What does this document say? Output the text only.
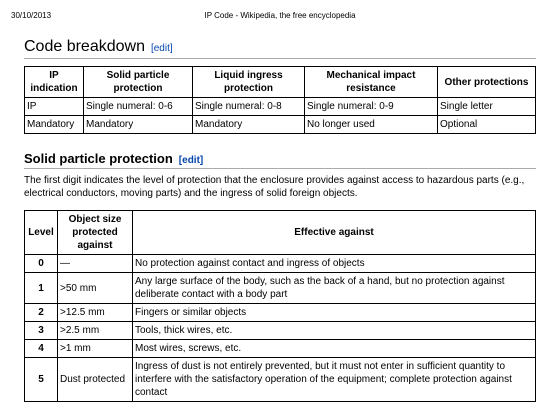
30/10/2013	IP Code - Wikipedia, the free encyclopedia
Code breakdown [edit]
IP indication	Solid particle protection	Liquid ingress protection	Mechanical impact resistance	Other protections
IP	Single numeral: 0-6	Single numeral: 0-8	Single numeral: 0-9	Single letter
Mandatory	Mandatory	Mandatory	No longer used	Optional
Solid particle protection [edit]

The first digit indicates the level of protection that the enclosure provides against access to hazardous parts (e.g., electrical conductors, moving parts) and the ingress of solid foreign objects.

Level	Object size protected against	Effective against
0	—	No protection against contact and ingress of objects
1	>50 mm	Any large surface of the body, such as the back of a hand, but no protection against deliberate contact with a body part
2	>12.5 mm	Fingers or similar objects
3	>2.5 mm	Tools, thick wires, etc.
4	>1 mm	Most wires, screws, etc.
5	Dust protected	Ingress of dust is not entirely prevented, but it must not enter in sufficient quantity to interfere with the satisfactory operation of the equipment; complete protection against contact
